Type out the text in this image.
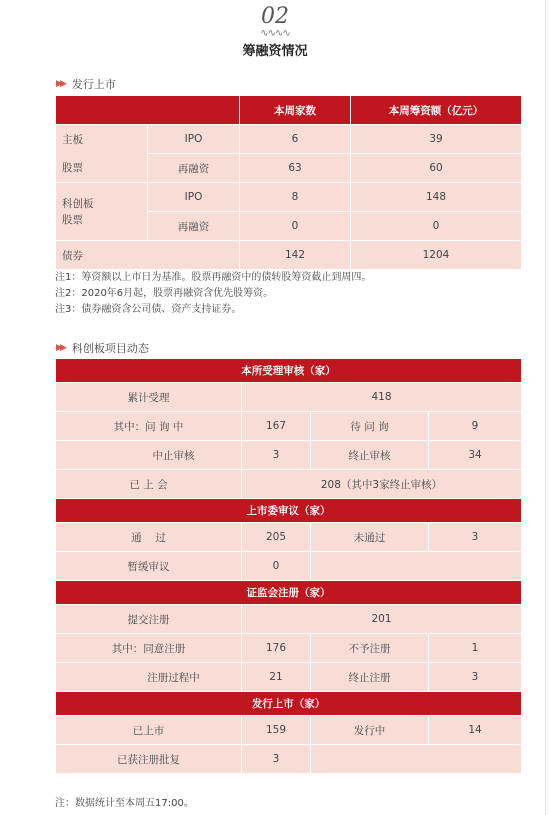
02
∿∿∿∿
筹融资情况
▶▶ 发行上市
		本周家数	本周筹资额（亿元）

主板
股票	IPO	6	39
	再融资	63	60

科创板
股票	IPO	8	148
	再融资	0	0
债券		142	1204
注1：筹资额以上市日为基准。股票再融资中的债转股筹资截止到周四。
注2：2020年6月起，股票再融资含优先股筹资。
注3：债券融资含公司债、资产支持证券。
▶▶ 科创板项目动态
本所受理审核（家）			
累计受理	418		
其中：问 询 中	167	待 问 询	9
中止审核	3	终止审核	34
已 上 会	208（其中3家终止审核）		
上市委审议（家）			
通　 过	205	未通过	3
暂缓审议	0		
证监会注册（家）			
提交注册	201		
其中：同意注册	176	不予注册	1
注册过程中	21	终止注册	3
发行上市（家）			
已上市	159	发行中	14
已获注册批复	3		
注：数据统计至本周五17:00。
